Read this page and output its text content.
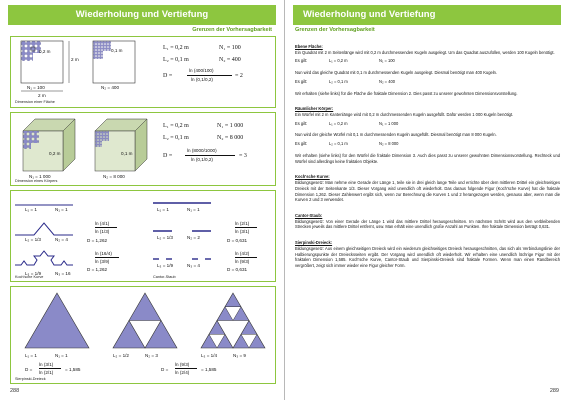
Wiederholung und Vertiefung
Grenzen der Vorhersagbarkeit
2 m
2 m
0,2 m
N₁ = 100
0,1 m
N₂ = 400
L₁ = 0,2 m	N₁ = 100
L₂ = 0,1 m	N₂ = 400
D =
ln (400/100)
ln (0,1/0,2)
= 2
Dimension einer Fläche
0,2 m
N₁ = 1 000
0,1 m
N₂ = 8 000
L₁ = 0,2 m	N₁ = 1 000
L₂ = 0,1 m	N₂ = 8 000
D =
ln (8000/1000)
ln (0,1/0,2)
= 3
Dimension eines Körpers
L₁ = 1	N₁ = 1
L₂ = 1/3	N₂ = 4
L₃ = 1/9	N₃ = 16
ln (4/1)
ln (1/3)
D = 1,262
ln (16/4)
ln (3/9)
D = 1,262
L₁ = 1	N₁ = 1
L₂ = 1/3	N₂ = 2
L₃ = 1/9	N₃ = 4
ln (2/1)
ln (3/1)
D = 0,631
ln (4/2)
ln (9/3)
D = 0,631
Koch'sche Kurve	Cantor-Staub
L₁ = 1	N₁ = 1	L₂ = 1/2	N₂ = 3	L₃ = 1/4	N₃ = 9
D =
ln (3/1)
ln (2/1)
= 1,585	D =
ln (9/3)
ln (2/4)
= 1,585
Sierpinski-Dreieck
288
Wiederholung und Vertiefung
Grenzen der Vorhersagbarkeit

Ebene Fläche:

Ein Quadrat mit 2 m Seitenlänge wird mit 0,2 m durchmessenden Kugeln ausgelegt. Um das Quadrat auszufüllen, werden 100 Kugeln benötigt.

Es gilt:	L₁ = 0,2 m	N₁ = 100

Nun wird das gleiche Quadrat mit 0,1 m durchmessenden Kugeln ausgelegt. Diesmal benötigt man 400 Kugeln.

Es gilt:	L₂ = 0,1 m	N₂ = 400

Wir erhalten (siehe links) für die Fläche die fraktale Dimension 2. Dies passt zu unserer gewohnten Dimensionsvorstellung.

Räumlicher Körper:

Ein Würfel mit 2 m Kantenlänge wird mit 0,2 m durchmessenden Kugeln ausgefüllt. Dafür werden 1 000 Kugeln benötigt.

Es gilt:	L₁ = 0,2 m	N₁ = 1 000

Nun wird der gleiche Würfel mit 0,1 m durchmessenden Kugeln ausgefüllt. Diesmal benötigt man 8 000 Kugeln.

Es gilt:	L₂ = 0,1 m	N₂ = 8 000

Wir erhalten (siehe links) für den Würfel die fraktale Dimension 3. Auch dies passt zu unserer gewohnten Dimensionsvorstellung. Rechteck und Würfel sind allerdings keine fraktalen Objekte.

Koch'sche Kurve:

Bildungsgesetz: Man nehme eine Gerade der Länge 1, teile sie in drei gleich lange Teile und errichte über dem mittleren Drittel ein gleichseitiges Dreieck mit der Seitenkante 1/3. Dieser Vorgang wird unendlich oft wiederholt. Das daraus folgende Figur (Koch'sche Kurve) hat die fraktale Dimension 1,262. Dieser Zahlenwert ergibt sich, wenn zur Berechnung die Kurven 1 und 2 herangezogen werden, genauso aber, wenn man die Kurven 2 und 3 verwendet.

Cantor-Staub:

Bildungsgesetz: Von einer Gerade der Länge 1 wird das mittlere Drittel herausgeschnitten. Im nächsten Schritt wird aus den verbleibenden Strecken jeweils das mittlere Drittel entfernt, usw. Man erhält eine unendlich große Anzahl an Punkten. Ihre fraktale Dimension beträgt 0,631.

Sierpinski-Dreieck:

Bildungsgesetz: Aus einem gleichseitigen Dreieck wird ein wiederum gleichseitiges Dreieck herausgeschnitten, das sich als Verbindungslinie der Halbierungspunkte der Dreiecksseiten ergibt. Der Vorgang wird unendlich oft wiederholt. Wir erhalten eine unendlich löchrige Figur mit der fraktalen Dimension 1,585. Koch'sche Kurve, Cantor-Staub und Sierpinski-Dreieck sind fraktale Formen. Wenn man einen Randbereich vergrößert, zeigt sich immer wieder eine Figur gleicher Form.

289
